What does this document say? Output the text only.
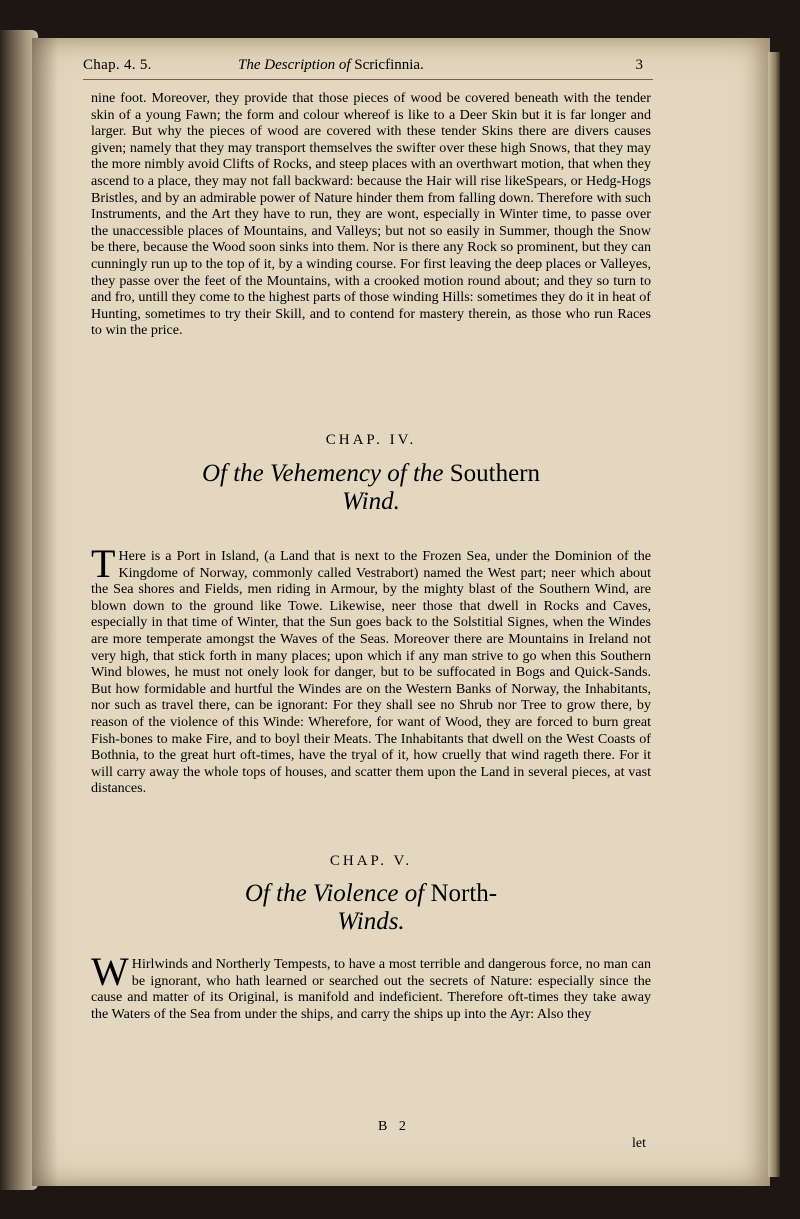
Chap. 4. 5.	The Description of Scricfinnia.	3
nine foot. Moreover, they provide that those pieces of wood be covered beneath with the tender skin of a young Fawn; the form and colour whereof is like to a Deer Skin but it is far longer and larger. But why the pieces of wood are covered with these tender Skins there are divers causes given; namely that they may transport themselves the swifter over these high Snows, that they may the more nimbly avoid Clifts of Rocks, and steep places with an overthwart motion, that when they ascend to a place, they may not fall backward: because the Hair will rise likeSpears, or Hedg-Hogs Bristles, and by an admirable power of Nature hinder them from falling down. Therefore with such Instruments, and the Art they have to run, they are wont, especially in Winter time, to passe over the unaccessible places of Mountains, and Valleys; but not so easily in Summer, though the Snow be there, because the Wood soon sinks into them. Nor is there any Rock so prominent, but they can cunningly run up to the top of it, by a winding course. For first leaving the deep places or Valleyes, they passe over the feet of the Mountains, with a crooked motion round about; and they so turn to and fro, untill they come to the highest parts of those winding Hills: sometimes they do it in heat of Hunting, sometimes to try their Skill, and to contend for mastery therein, as those who run Races to win the price.
CHAP. IV.
Of the Vehemency of the Southern
Wind.
T Here is a Port in Island, (a Land that is next to the Frozen Sea, under the Dominion of the Kingdome of Norway, commonly called Vestrabort) named the West part; neer which about the Sea shores and Fields, men riding in Armour, by the mighty blast of the Southern Wind, are blown down to the ground like Towe. Likewise, neer those that dwell in Rocks and Caves, especially in that time of Winter, that the Sun goes back to the Solstitial Signes, when the Windes are more temperate amongst the Waves of the Seas. Moreover there are Mountains in Ireland not very high, that stick forth in many places; upon which if any man strive to go when this Southern Wind blowes, he must not onely look for danger, but to be suffocated in Bogs and Quick-Sands. But how formidable and hurtful the Windes are on the Western Banks of Norway, the Inhabitants, nor such as travel there, can be ignorant: For they shall see no Shrub nor Tree to grow there, by reason of the violence of this Winde: Wherefore, for want of Wood, they are forced to burn great Fish-bones to make Fire, and to boyl their Meats. The Inhabitants that dwell on the West Coasts of Bothnia, to the great hurt oft-times, have the tryal of it, how cruelly that wind rageth there. For it will carry away the whole tops of houses, and scatter them upon the Land in several pieces, at vast distances.
CHAP. V.
Of the Violence of North-
Winds.
W Hirlwinds and Northerly Tempests, to have a most terrible and dangerous force, no man can be ignorant, who hath learned or searched out the secrets of Nature: especially since the cause and matter of its Original, is manifold and indeficient. Therefore oft-times they take away the Waters of the Sea from under the ships, and carry the ships up into the Ayr: Also they
B 2
let
